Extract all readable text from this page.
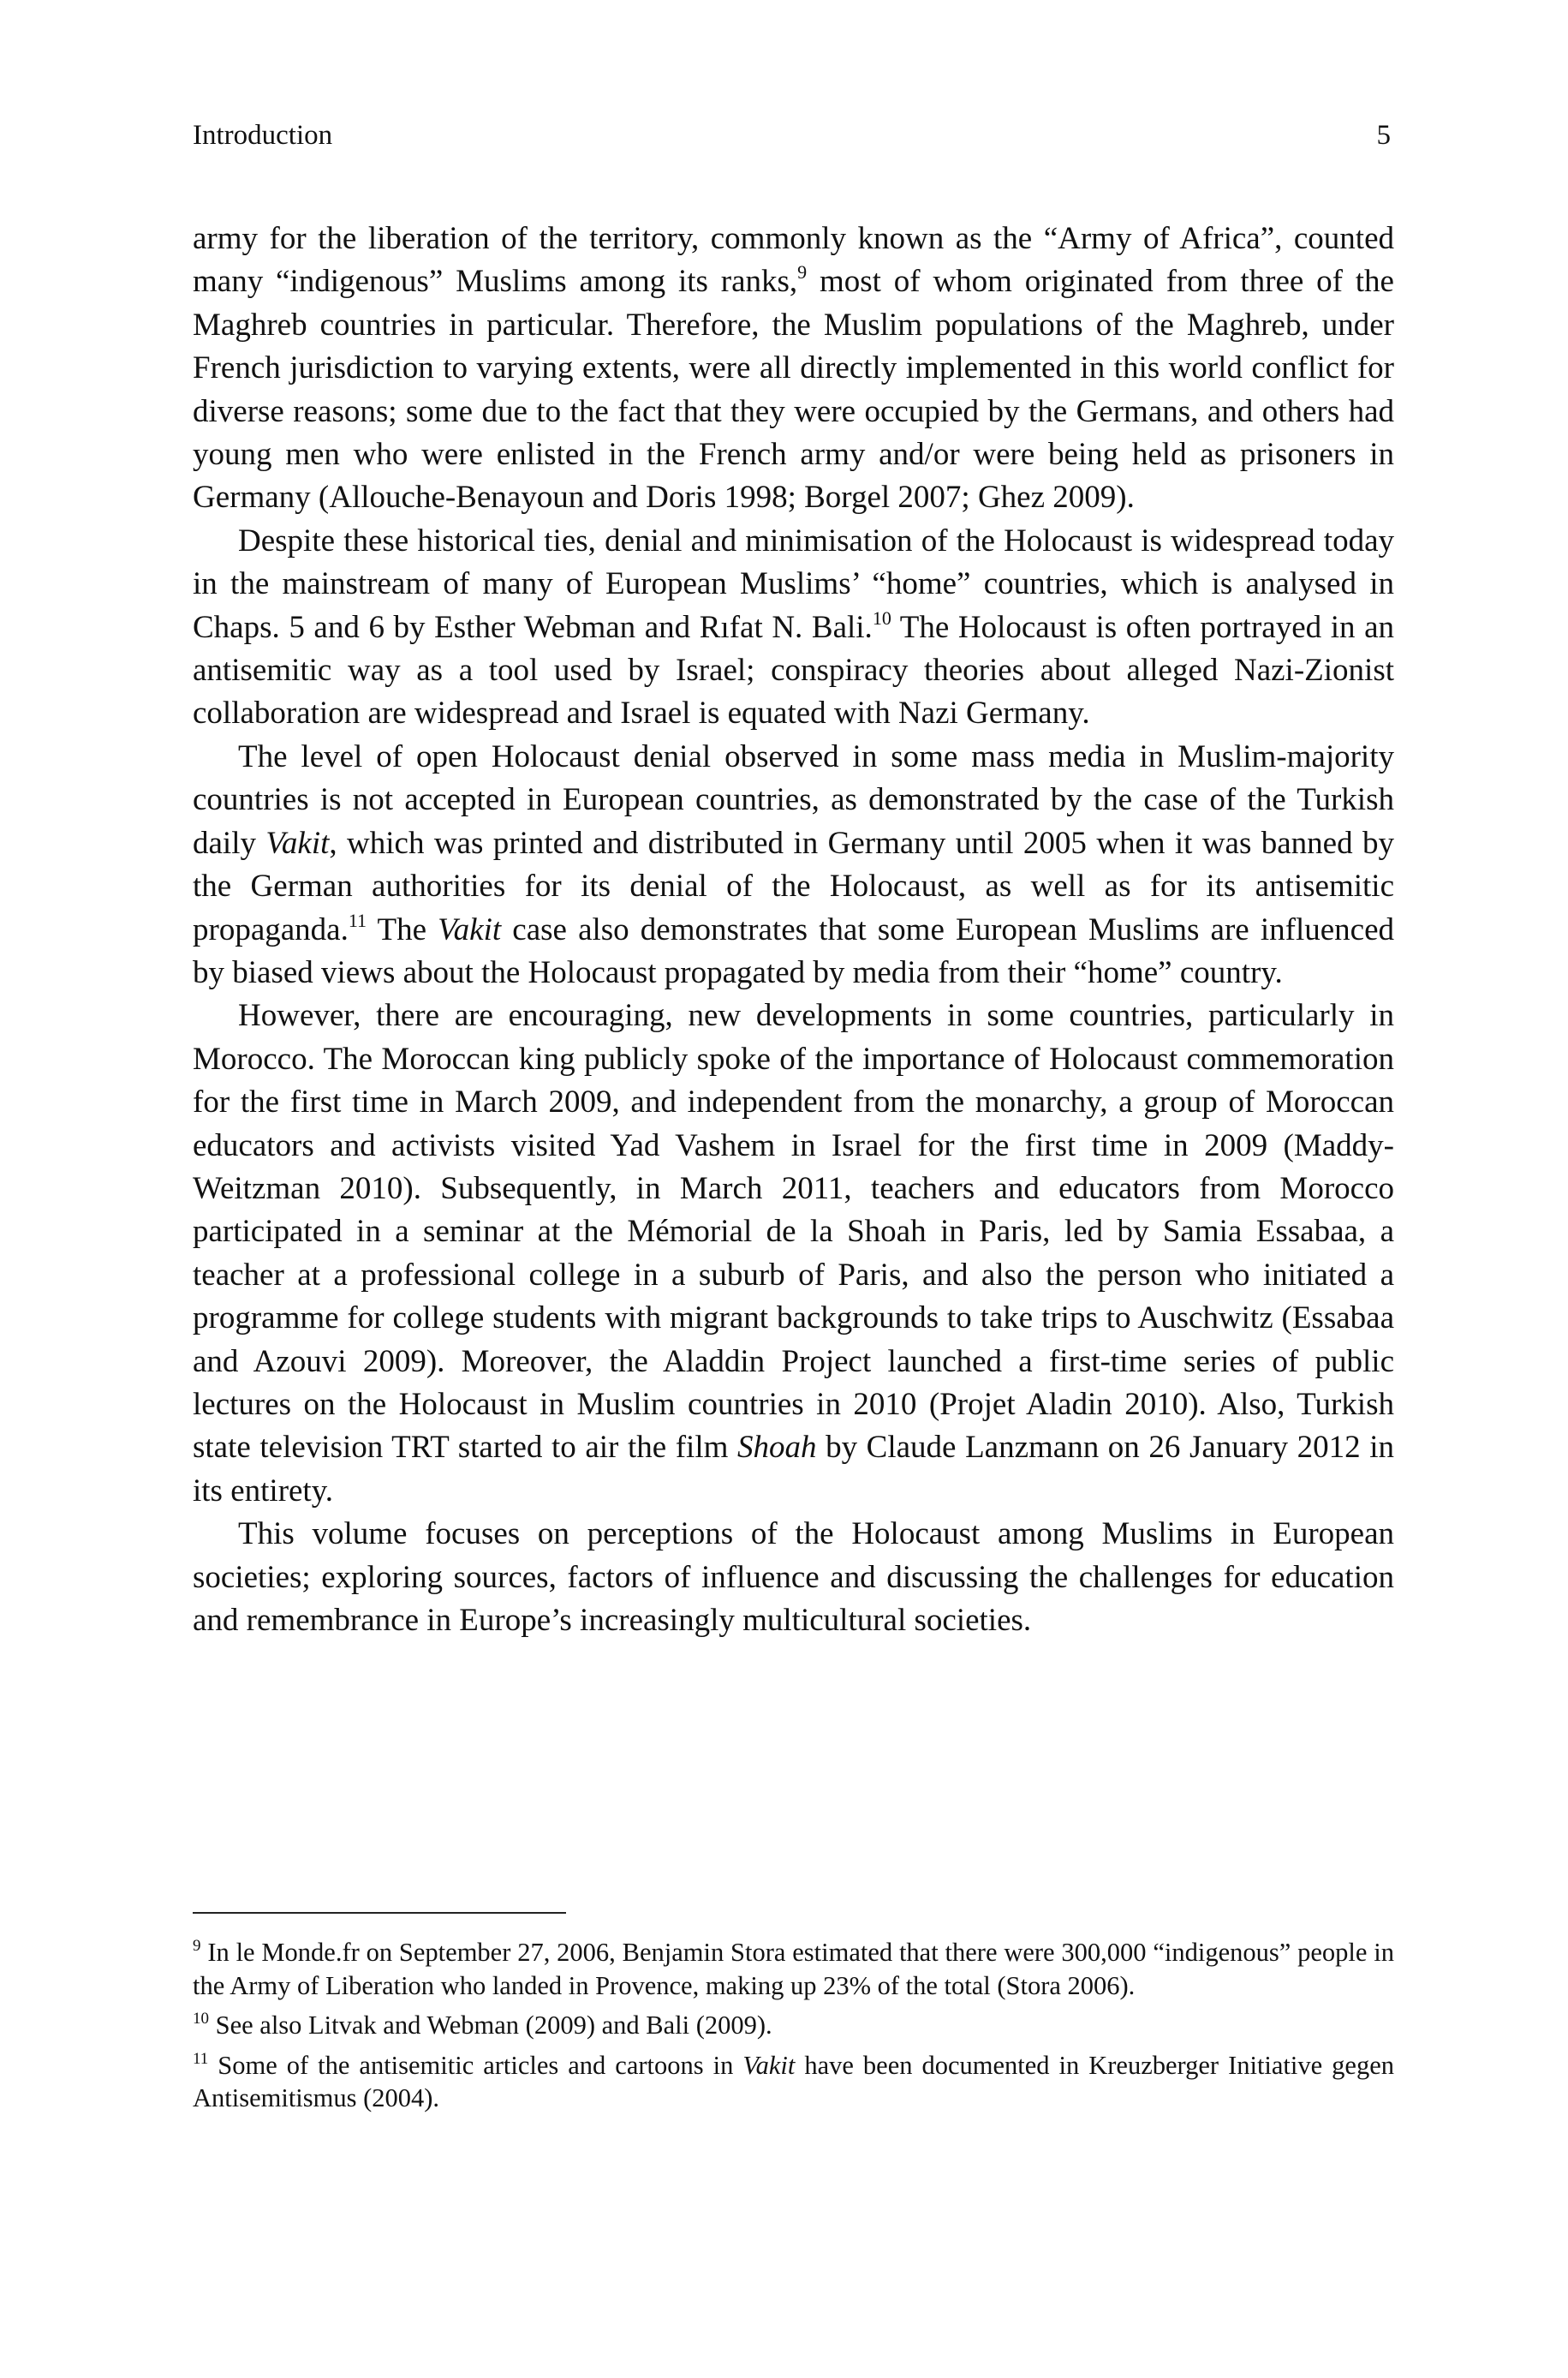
Introduction	5

army for the liberation of the territory, commonly known as the “Army of Africa”, counted many “indigenous” Muslims among its ranks,$^9$ most of whom originated from three of the Maghreb countries in particular. Therefore, the Muslim populations of the Maghreb, under French jurisdiction to varying extents, were all directly implemented in this world conflict for diverse reasons; some due to the fact that they were occupied by the Germans, and others had young men who were enlisted in the French army and/or were being held as prisoners in Germany (Allouche-Benayoun and Doris 1998; Borgel 2007; Ghez 2009).

Despite these historical ties, denial and minimisation of the Holocaust is widespread today in the mainstream of many of European Muslims’ “home” countries, which is analysed in Chaps. 5 and 6 by Esther Webman and Rıfat N. Bali.$^{10}$ The Holocaust is often portrayed in an antisemitic way as a tool used by Israel; conspiracy theories about alleged Nazi-Zionist collaboration are widespread and Israel is equated with Nazi Germany.

The level of open Holocaust denial observed in some mass media in Muslim-majority countries is not accepted in European countries, as demonstrated by the case of the Turkish daily Vakit, which was printed and distributed in Germany until 2005 when it was banned by the German authorities for its denial of the Holocaust, as well as for its antisemitic propaganda.$^{11}$ The Vakit case also demonstrates that some European Muslims are influenced by biased views about the Holocaust propagated by media from their “home” country.

However, there are encouraging, new developments in some countries, particularly in Morocco. The Moroccan king publicly spoke of the importance of Holocaust commemoration for the first time in March 2009, and independent from the monarchy, a group of Moroccan educators and activists visited Yad Vashem in Israel for the first time in 2009 (Maddy-Weitzman 2010). Subsequently, in March 2011, teachers and educators from Morocco participated in a seminar at the Mémorial de la Shoah in Paris, led by Samia Essabaa, a teacher at a professional college in a suburb of Paris, and also the person who initiated a programme for college students with migrant backgrounds to take trips to Auschwitz (Essabaa and Azouvi 2009). Moreover, the Aladdin Project launched a first-time series of public lectures on the Holocaust in Muslim countries in 2010 (Projet Aladin 2010). Also, Turkish state television TRT started to air the film Shoah by Claude Lanzmann on 26 January 2012 in its entirety.

This volume focuses on perceptions of the Holocaust among Muslims in European societies; exploring sources, factors of influence and discussing the challenges for education and remembrance in Europe’s increasingly multicultural societies.

$^9$ In le Monde.fr on September 27, 2006, Benjamin Stora estimated that there were 300,000 “indigenous” people in the Army of Liberation who landed in Provence, making up 23% of the total (Stora 2006).

$^{10}$ See also Litvak and Webman (2009) and Bali (2009).

$^{11}$ Some of the antisemitic articles and cartoons in Vakit have been documented in Kreuzberger Initiative gegen Antisemitismus (2004).
